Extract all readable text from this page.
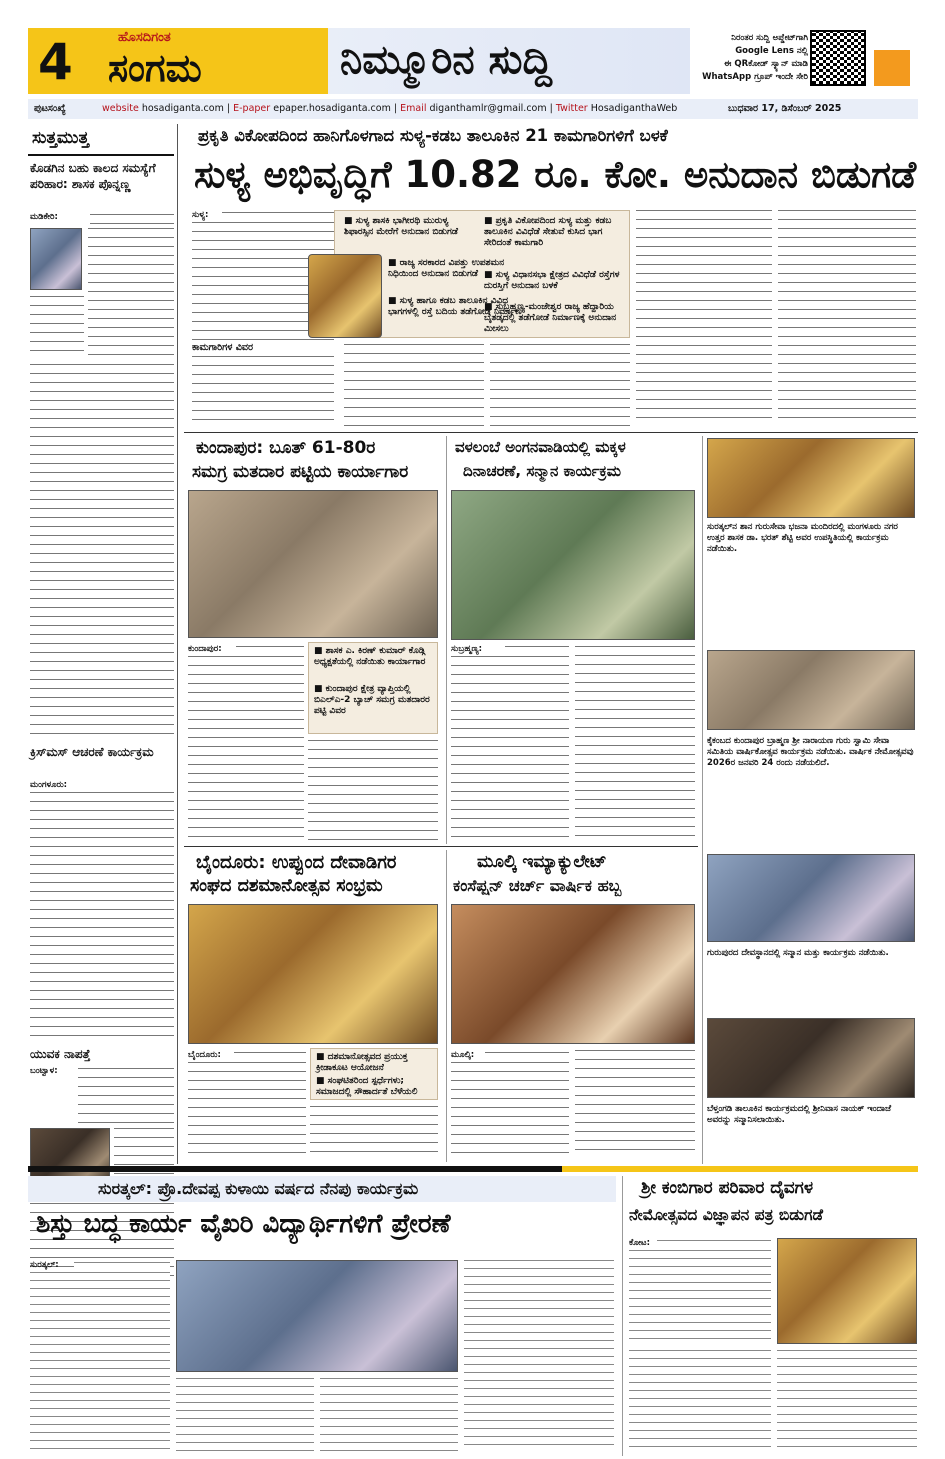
4	ಹೊಸದಿಗಂತ
ಸಂಗಮ	ನಿಮ್ಮೂರಿನ ಸುದ್ದಿ	ನಿರಂತರ ಸುದ್ದಿ ಅಪ್ಡೇಟ್‌ಗಾಗಿ
Google Lens ನಲ್ಲಿ
ಈ QRಕೋಡ್ ಸ್ಕ್ಯಾನ್ ಮಾಡಿ
WhatsApp ಗ್ರೂಪ್ ಇಂದೇ ಸೇರಿ
ಪುಟಸಂಖ್ಯೆ	website hosadiganta.com | E-paper epaper.hosadiganta.com | Email diganthamlr@gmail.com | Twitter HosadiganthaWeb	ಬುಧವಾರ 17, ಡಿಸೆಂಬರ್ 2025
ಸುತ್ತಮುತ್ತ
ಕೊಡಗಿನ ಬಹು ಕಾಲದ ಸಮಸ್ಯೆಗೆ ಪರಿಹಾರ: ಶಾಸಕ ಪೊನ್ನಣ್ಣ
ಮಡಿಕೇರಿ:
ಕ್ರಿಸ್‌ಮಸ್ ಆಚರಣೆ ಕಾರ್ಯಕ್ರಮ
ಮಂಗಳೂರು:
ಯುವಕ ನಾಪತ್ತೆ
ಬಂಟ್ವಾಳ:
ಪ್ರಕೃತಿ ವಿಕೋಪದಿಂದ ಹಾನಿಗೊಳಗಾದ ಸುಳ್ಯ-ಕಡಬ ತಾಲೂಕಿನ 21 ಕಾಮಗಾರಿಗಳಿಗೆ ಬಳಕೆ
ಸುಳ್ಯ ಅಭಿವೃದ್ಧಿಗೆ 10.82 ರೂ. ಕೋ. ಅನುದಾನ ಬಿಡುಗಡೆ
ಸುಳ್ಯ:
■ ಸುಳ್ಯ ಶಾಸಕಿ ಭಾಗೀರಥಿ ಮುರುಳ್ಯ ಶಿಫಾರಸ್ಸಿನ ಮೇರೆಗೆ ಅನುದಾನ ಬಿಡುಗಡೆ
■ ರಾಜ್ಯ ಸರಕಾರದ ವಿಪತ್ತು ಉಪಶಮನ ನಿಧಿಯಿಂದ ಅನುದಾನ ಬಿಡುಗಡೆ
■ ಸುಳ್ಯ ಹಾಗೂ ಕಡಬ ತಾಲೂಕಿನ ವಿವಿಧ ಭಾಗಗಳಲ್ಲಿ ರಸ್ತೆ ಬದಿಯ ತಡೆಗೋಡೆ ನಿರ್ಮಾಣ
■ ಪ್ರಕೃತಿ ವಿಕೋಪದಿಂದ ಸುಳ್ಯ ಮತ್ತು ಕಡಬ ತಾಲೂಕಿನ ವಿವಿಧೆಡೆ ಸೇತುವೆ ಕುಸಿದ ಭಾಗ ಸೇರಿದಂತೆ ಕಾಮಗಾರಿ
■ ಸುಳ್ಯ ವಿಧಾನಸಭಾ ಕ್ಷೇತ್ರದ ವಿವಿಧೆಡೆ ರಸ್ತೆಗಳ ದುರಸ್ತಿಗೆ ಅನುದಾನ ಬಳಕೆ
■ ಸುಬ್ರಹ್ಮಣ್ಯ-ಮಂಜೇಶ್ವರ ರಾಜ್ಯ ಹೆದ್ದಾರಿಯ ಬೈತಡ್ಕದಲ್ಲಿ ತಡೆಗೋಡೆ ನಿರ್ಮಾಣಕ್ಕೆ ಅನುದಾನ ಮೀಸಲು
ಕಾಮಗಾರಿಗಳ ವಿವರ
ಕುಂದಾಪುರ: ಬೂತ್ 61-80ರ
ಸಮಗ್ರ ಮತದಾರ ಪಟ್ಟಿಯ ಕಾರ್ಯಾಗಾರ
ಕುಂದಾಪುರ:	■ ಶಾಸಕ ಎ. ಕಿರಣ್ ಕುಮಾರ್ ಕೊಡ್ಗಿ ಅಧ್ಯಕ್ಷತೆಯಲ್ಲಿ ನಡೆಯಿತು ಕಾರ್ಯಾಗಾರ
■ ಕುಂದಾಪುರ ಕ್ಷೇತ್ರ ವ್ಯಾಪ್ತಿಯಲ್ಲಿ ಬಿಎಲ್‌ಎ-2 ಬ್ಯಾಚ್ ಸಮಗ್ರ ಮತದಾರರ ಪಟ್ಟಿ ವಿವರ
ವಳಲಂಬೆ ಅಂಗನವಾಡಿಯಲ್ಲಿ ಮಕ್ಕಳ
ದಿನಾಚರಣೆ, ಸನ್ಮಾನ ಕಾರ್ಯಕ್ರಮ
ಸುಬ್ರಹ್ಮಣ್ಯ:
ಸುರತ್ಕಲ್‌ನ ಶಾನ ಗುರುಸೇವಾ ಭಜನಾ ಮಂದಿರದಲ್ಲಿ ಮಂಗಳೂರು ನಗರ ಉತ್ತರ ಶಾಸಕ ಡಾ. ಭರತ್ ಶೆಟ್ಟಿ ಅವರ ಉಪಸ್ಥಿತಿಯಲ್ಲಿ ಕಾರ್ಯಕ್ರಮ ನಡೆಯಿತು.
ಕೈಕಂಬದ ಕುಂದಾಪುರ ಬ್ರಾಹ್ಮಣ ಶ್ರೀ ನಾರಾಯಣ ಗುರು ಸ್ವಾಮಿ ಸೇವಾ ಸಮಿತಿಯ ವಾರ್ಷಿಕೋತ್ಸವ ಕಾರ್ಯಕ್ರಮ ನಡೆಯಿತು. ವಾರ್ಷಿಕ ನೇಮೋತ್ಸವವು 2026ರ ಜನವರಿ 24 ರಂದು ನಡೆಯಲಿದೆ.
ಗುರುಪುರದ ದೇವಸ್ಥಾನದಲ್ಲಿ ಸನ್ಮಾನ ಮತ್ತು ಕಾರ್ಯಕ್ರಮ ನಡೆಯಿತು.
ಬೆಳ್ತಂಗಡಿ ತಾಲೂಕಿನ ಕಾರ್ಯಕ್ರಮದಲ್ಲಿ ಶ್ರೀನಿವಾಸ ನಾಯಕ್ ಇಂದಾಜೆ ಅವರನ್ನು ಸನ್ಮಾನಿಸಲಾಯಿತು.
ಬೈಂದೂರು: ಉಪ್ಪುಂದ ದೇವಾಡಿಗರ
ಸಂಘದ ದಶಮಾನೋತ್ಸವ ಸಂಭ್ರಮ
ಬೈಂದೂರು:	■ ದಶಮಾನೋತ್ಸವದ ಪ್ರಯುಕ್ತ ಕ್ರೀಡಾಕೂಟ ಆಯೋಜನೆ
■ ಸಂಘಟಿತರಿಂದ ಸ್ಪರ್ಧೆಗಳು; ಸಮಾಜದಲ್ಲಿ ಸೌಹಾರ್ದತೆ ಬೆಳೆಯಲಿ
ಮೂಲ್ಕಿ ಇಮ್ಯಾಕ್ಯುಲೇಟ್
ಕಂಸೆಪ್ಷನ್ ಚರ್ಚ್ ವಾರ್ಷಿಕ ಹಬ್ಬ
ಮೂಲ್ಕಿ:
ಸುರತ್ಕಲ್: ಪ್ರೊ.ದೇವಪ್ಪ ಕುಳಾಯಿ ವರ್ಷದ ನೆನಪು ಕಾರ್ಯಕ್ರಮ
ಶಿಸ್ತು ಬದ್ಧ ಕಾರ್ಯ ವೈಖರಿ ವಿದ್ಯಾರ್ಥಿಗಳಿಗೆ ಪ್ರೇರಣೆ
ಸುರತ್ಕಲ್:
ಶ್ರೀ ಕಂಬಿಗಾರ ಪರಿವಾರ ದೈವಗಳ
ನೇಮೋತ್ಸವದ ವಿಜ್ಞಾಪನ ಪತ್ರ ಬಿಡುಗಡೆ
ಕೋಟ:
